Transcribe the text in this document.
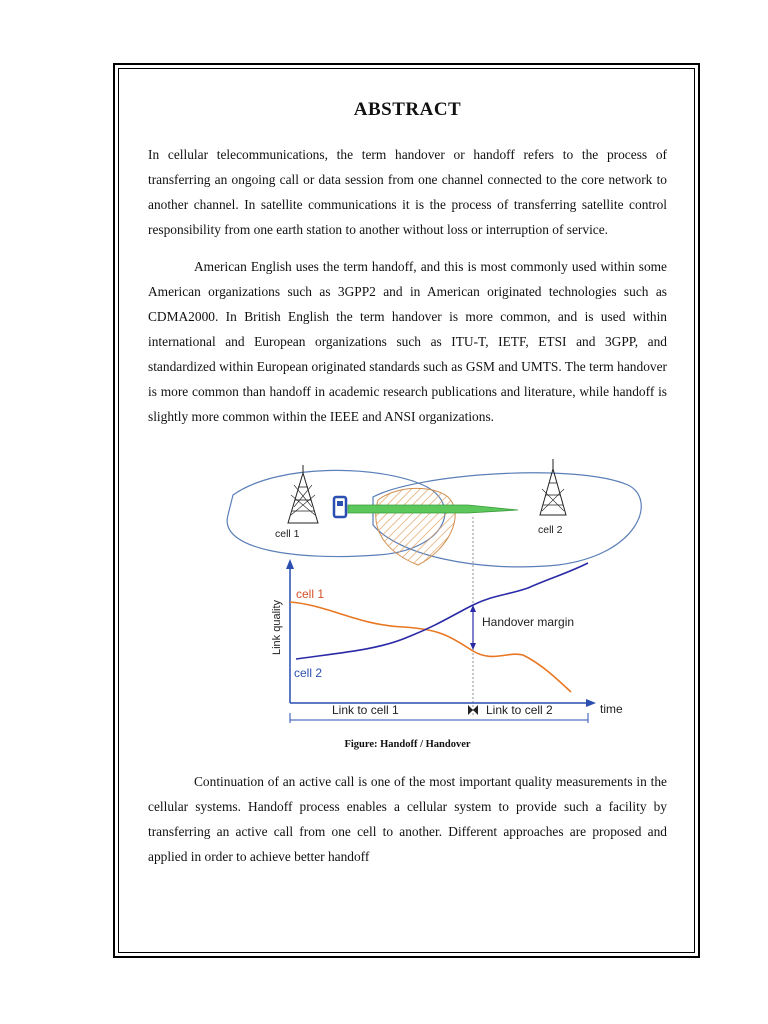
ABSTRACT

In cellular telecommunications, the term handover or handoff refers to the process of transferring an ongoing call or data session from one channel connected to the core network to another channel. In satellite communications it is the process of transferring satellite control responsibility from one earth station to another without loss or interruption of service.

American English uses the term handoff, and this is most commonly used within some American organizations such as 3GPP2 and in American originated technologies such as CDMA2000. In British English the term handover is more common, and is used within international and European organizations such as ITU-T, IETF, ETSI and 3GPP, and standardized within European originated standards such as GSM and UMTS. The term handover is more common than handoff in academic research publications and literature, while handoff is slightly more common within the IEEE and ANSI organizations.

cell 1	cell 2
Link quality
cell 1
cell 2
Handover margin
Link to cell 1	Link to cell 2	time

Figure: Handoff / Handover

Continuation of an active call is one of the most important quality measurements in the cellular systems. Handoff process enables a cellular system to provide such a facility by transferring an active call from one cell to another. Different approaches are proposed and applied in order to achieve better handoff
